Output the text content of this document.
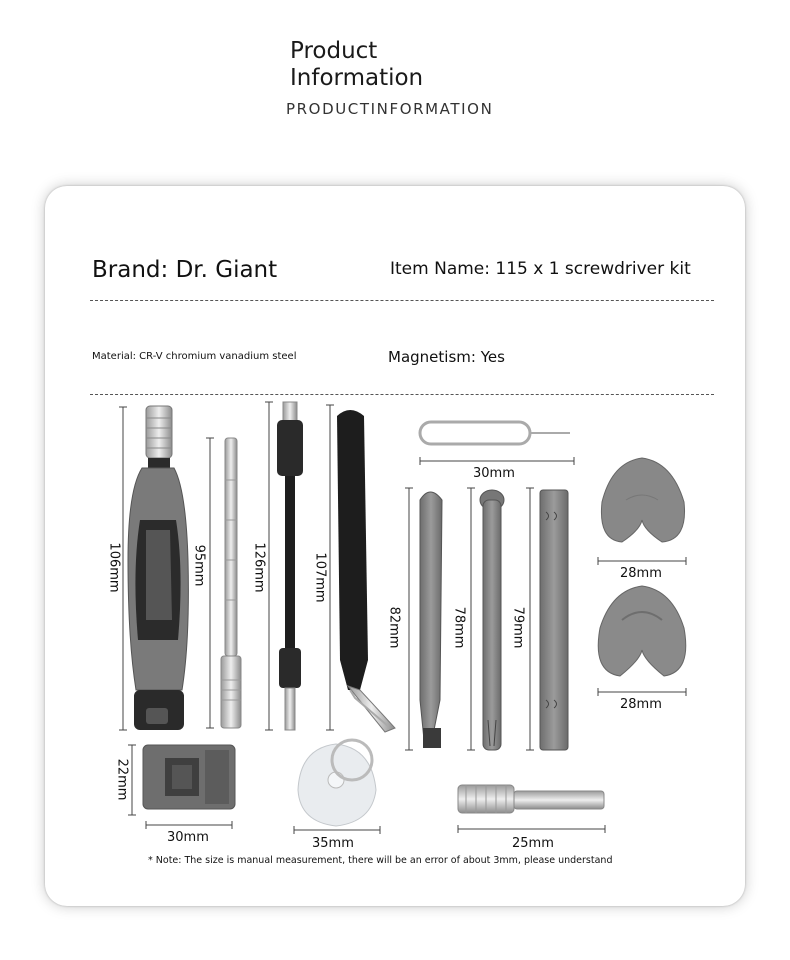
Product
Information
PRODUCTINFORMATION
Brand: Dr. Giant	Item Name: 115 x 1 screwdriver kit
Material: CR-V chromium vanadium steel	Magnetism: Yes
106mm	95mm	126mm	107mm
30mm
82mm	78mm	79mm
28mm
28mm
22mm
30mm	35mm	25mm
* Note: The size is manual measurement, there will be an error of about 3mm, please understand
